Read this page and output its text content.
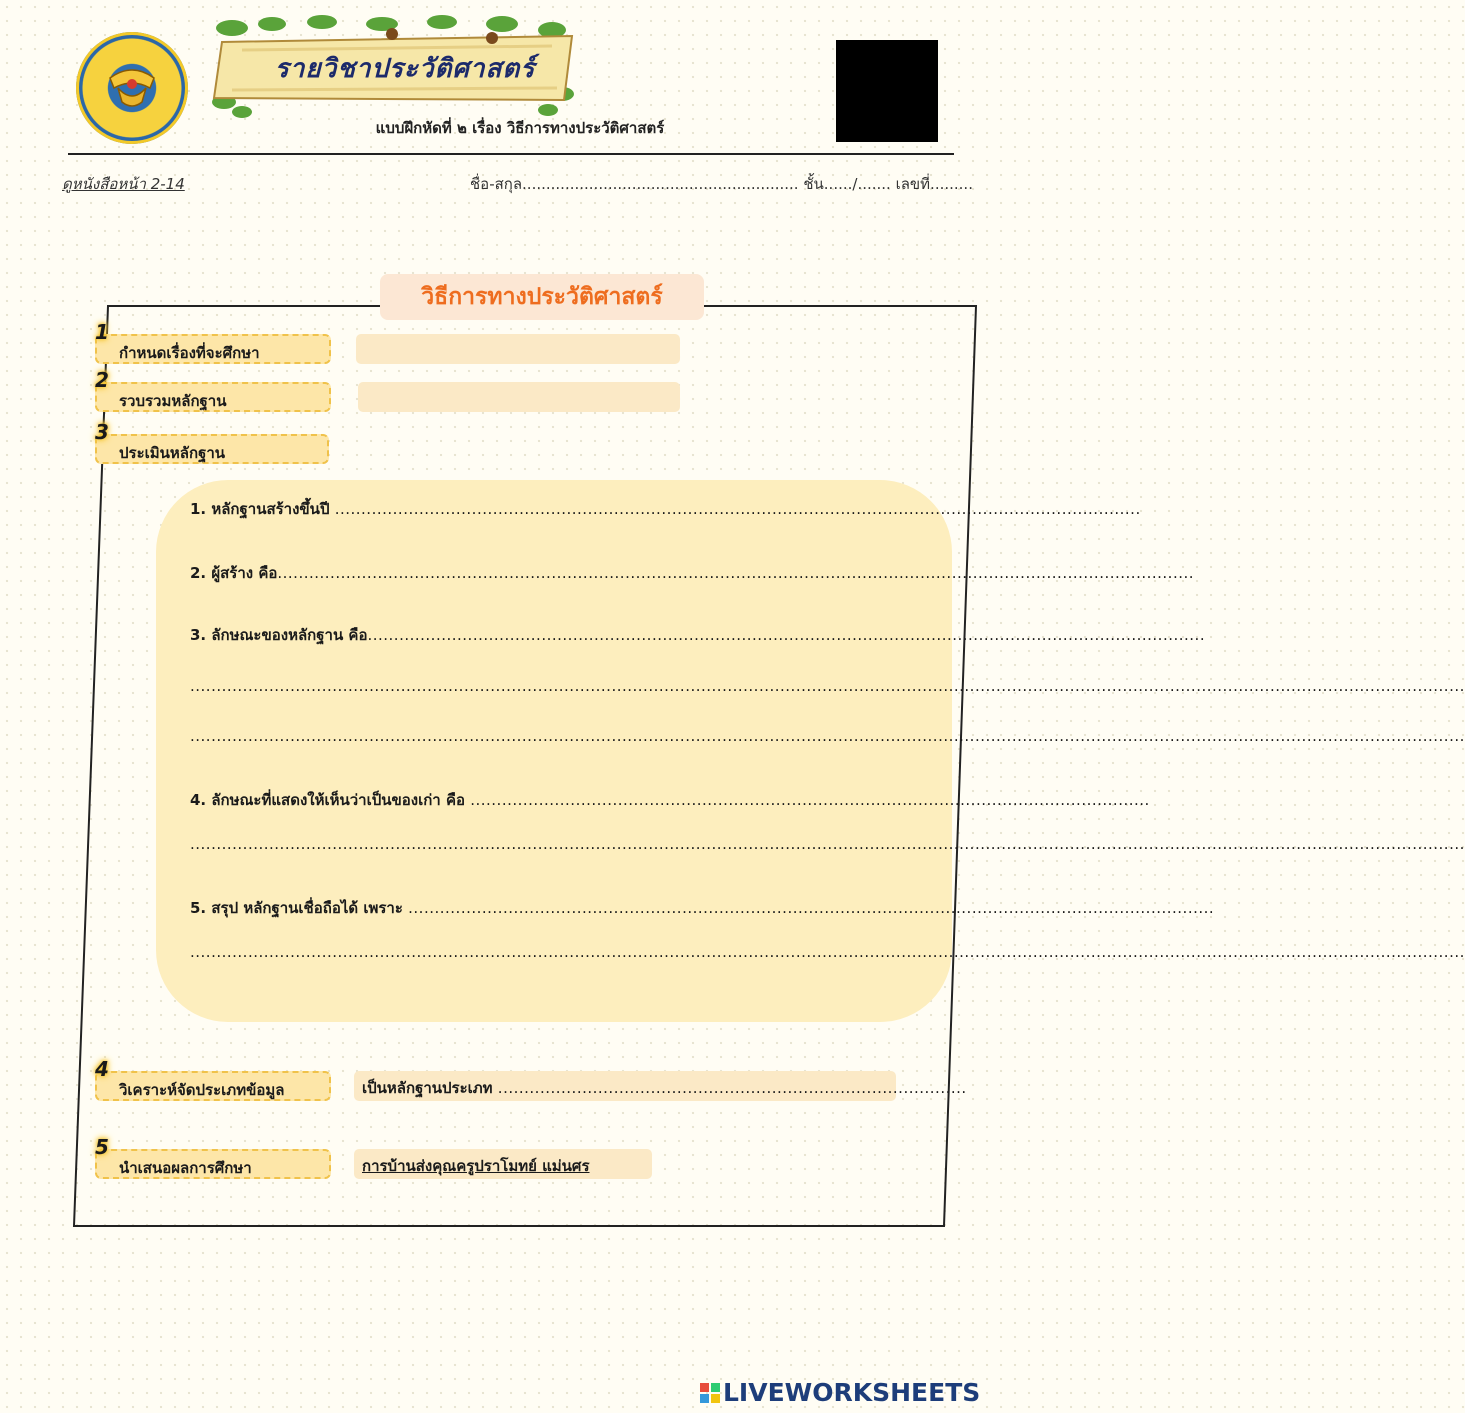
รายวิชาประวัติศาสตร์
แบบฝึกหัดที่ ๒ เรื่อง วิธีการทางประวัติศาสตร์
ดูหนังสือหน้า 2-14	ชื่อ-สกุล.......................................................... ชั้น....../....... เลขที่.........
วิธีการทางประวัติศาสตร์
1
กำหนดเรื่องที่จะศึกษา
2
รวบรวมหลักฐาน
3
ประเมินหลักฐาน
1. หลักฐานสร้างขึ้นปี .........................................................................................................................................................
2. ผู้สร้าง คือ..............................................................................................................................................................................
3. ลักษณะของหลักฐาน คือ...............................................................................................................................................................
..................................................................................................................................................................................................................................................
..................................................................................................................................................................................................................................................
4. ลักษณะที่แสดงให้เห็นว่าเป็นของเก่า คือ .................................................................................................................................
..................................................................................................................................................................................................................................................
5. สรุป หลักฐานเชื่อถือได้ เพราะ .........................................................................................................................................................
..................................................................................................................................................................................................................................................
4
วิเคราะห์จัดประเภทข้อมูล	เป็นหลักฐานประเภท .........................................................................................
5
นำเสนอผลการศึกษา	การบ้านส่งคุณครูปราโมทย์ แม่นศร
LIVEWORKSHEETS
